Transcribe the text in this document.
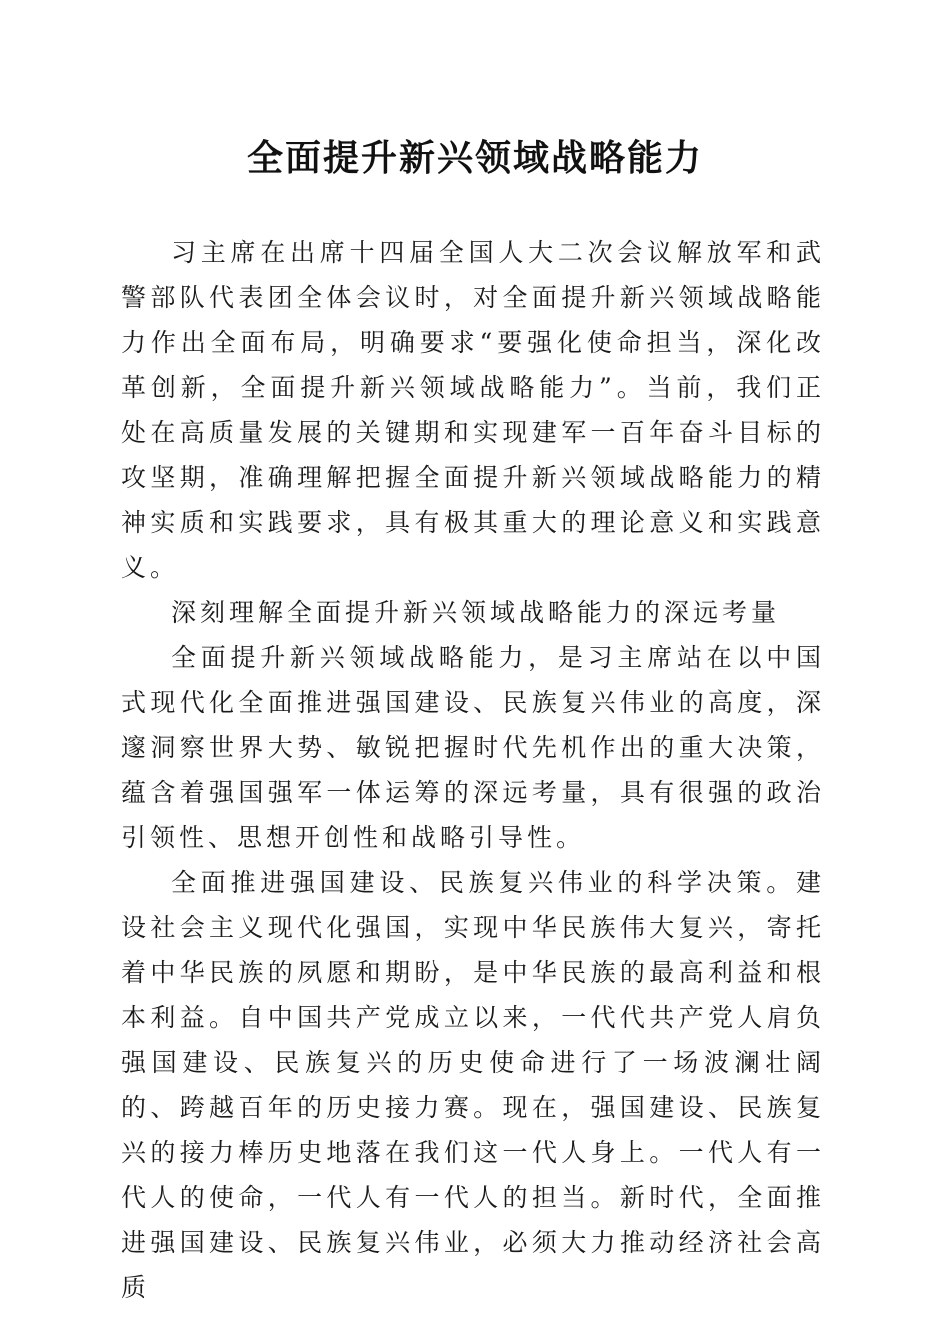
全面提升新兴领域战略能力

习主席在出席十四届全国人大二次会议解放军和武警部队代表团全体会议时，对全面提升新兴领域战略能力作出全面布局，明确要求“要强化使命担当，深化改革创新，全面提升新兴领域战略能力”。当前，我们正处在高质量发展的关键期和实现建军一百年奋斗目标的攻坚期，准确理解把握全面提升新兴领域战略能力的精神实质和实践要求，具有极其重大的理论意义和实践意义。

深刻理解全面提升新兴领域战略能力的深远考量

全面提升新兴领域战略能力，是习主席站在以中国式现代化全面推进强国建设、民族复兴伟业的高度，深邃洞察世界大势、敏锐把握时代先机作出的重大决策，蕴含着强国强军一体运筹的深远考量，具有很强的政治引领性、思想开创性和战略引导性。

全面推进强国建设、民族复兴伟业的科学决策。建设社会主义现代化强国，实现中华民族伟大复兴，寄托着中华民族的夙愿和期盼，是中华民族的最高利益和根本利益。自中国共产党成立以来，一代代共产党人肩负强国建设、民族复兴的历史使命进行了一场波澜壮阔的、跨越百年的历史接力赛。现在，强国建设、民族复兴的接力棒历史地落在我们这一代人身上。一代人有一代人的使命，一代人有一代人的担当。新时代，全面推进强国建设、民族复兴伟业，必须大力推动经济社会高质
